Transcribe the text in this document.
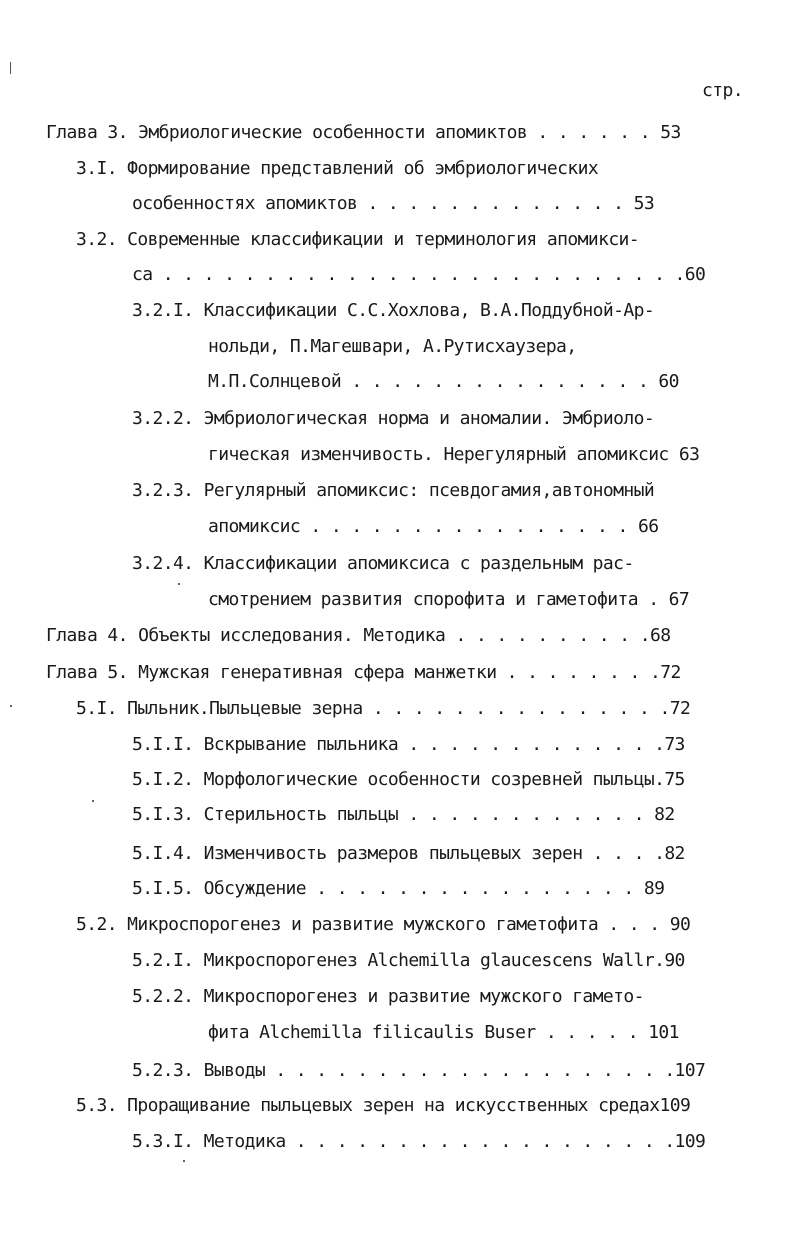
стр.
Глава 3. Эмбриологические особенности апомиктов . . . . . . 53
3.I. Формирование представлений об эмбриологических
особенностях апомиктов . . . . . . . . . . . . . 53
3.2. Современные классификации и терминология апомикси-
са . . . . . . . . . . . . . . . . . . . . . . . . . .60
3.2.I. Классификации С.С.Хохлова, В.А.Поддубной-Ар-
нольди, П.Магешвари, А.Рутисхаузера,
М.П.Солнцевой . . . . . . . . . . . . . . . 60
3.2.2. Эмбриологическая норма и аномалии. Эмбриоло-
гическая изменчивость. Нерегулярный апомиксис 63
3.2.3. Регулярный апомиксис: псевдогамия,автономный
апомиксис . . . . . . . . . . . . . . . . 66
3.2.4. Классификации апомиксиса с раздельным рас-
смотрением развития спорофита и гаметофита . 67
Глава 4. Объекты исследования. Методика . . . . . . . . . .68
Глава 5. Мужская генеративная сфера манжетки . . . . . . . .72
5.I. Пыльник.Пыльцевые зерна . . . . . . . . . . . . . . .72
5.I.I. Вскрывание пыльника . . . . . . . . . . . . .73
5.I.2. Морфологические особенности созревней пыльцы.75
5.I.3. Стерильность пыльцы . . . . . . . . . . . . 82
5.I.4. Изменчивость размеров пыльцевых зерен . . . .82
5.I.5. Обсуждение . . . . . . . . . . . . . . . . 89
5.2. Микроспорогенез и развитие мужского гаметофита . . . 90
5.2.I. Микроспорогенез Alchemilla glaucescens Wallr.90
5.2.2. Микроспорогенез и развитие мужского гамето-
фита Alchemilla filicaulis Buser . . . . . 101
5.2.3. Выводы . . . . . . . . . . . . . . . . . . . .107
5.3. Проращивание пыльцевых зерен на искусственных средах109
5.3.I. Методика . . . . . . . . . . . . . . . . . . .109
